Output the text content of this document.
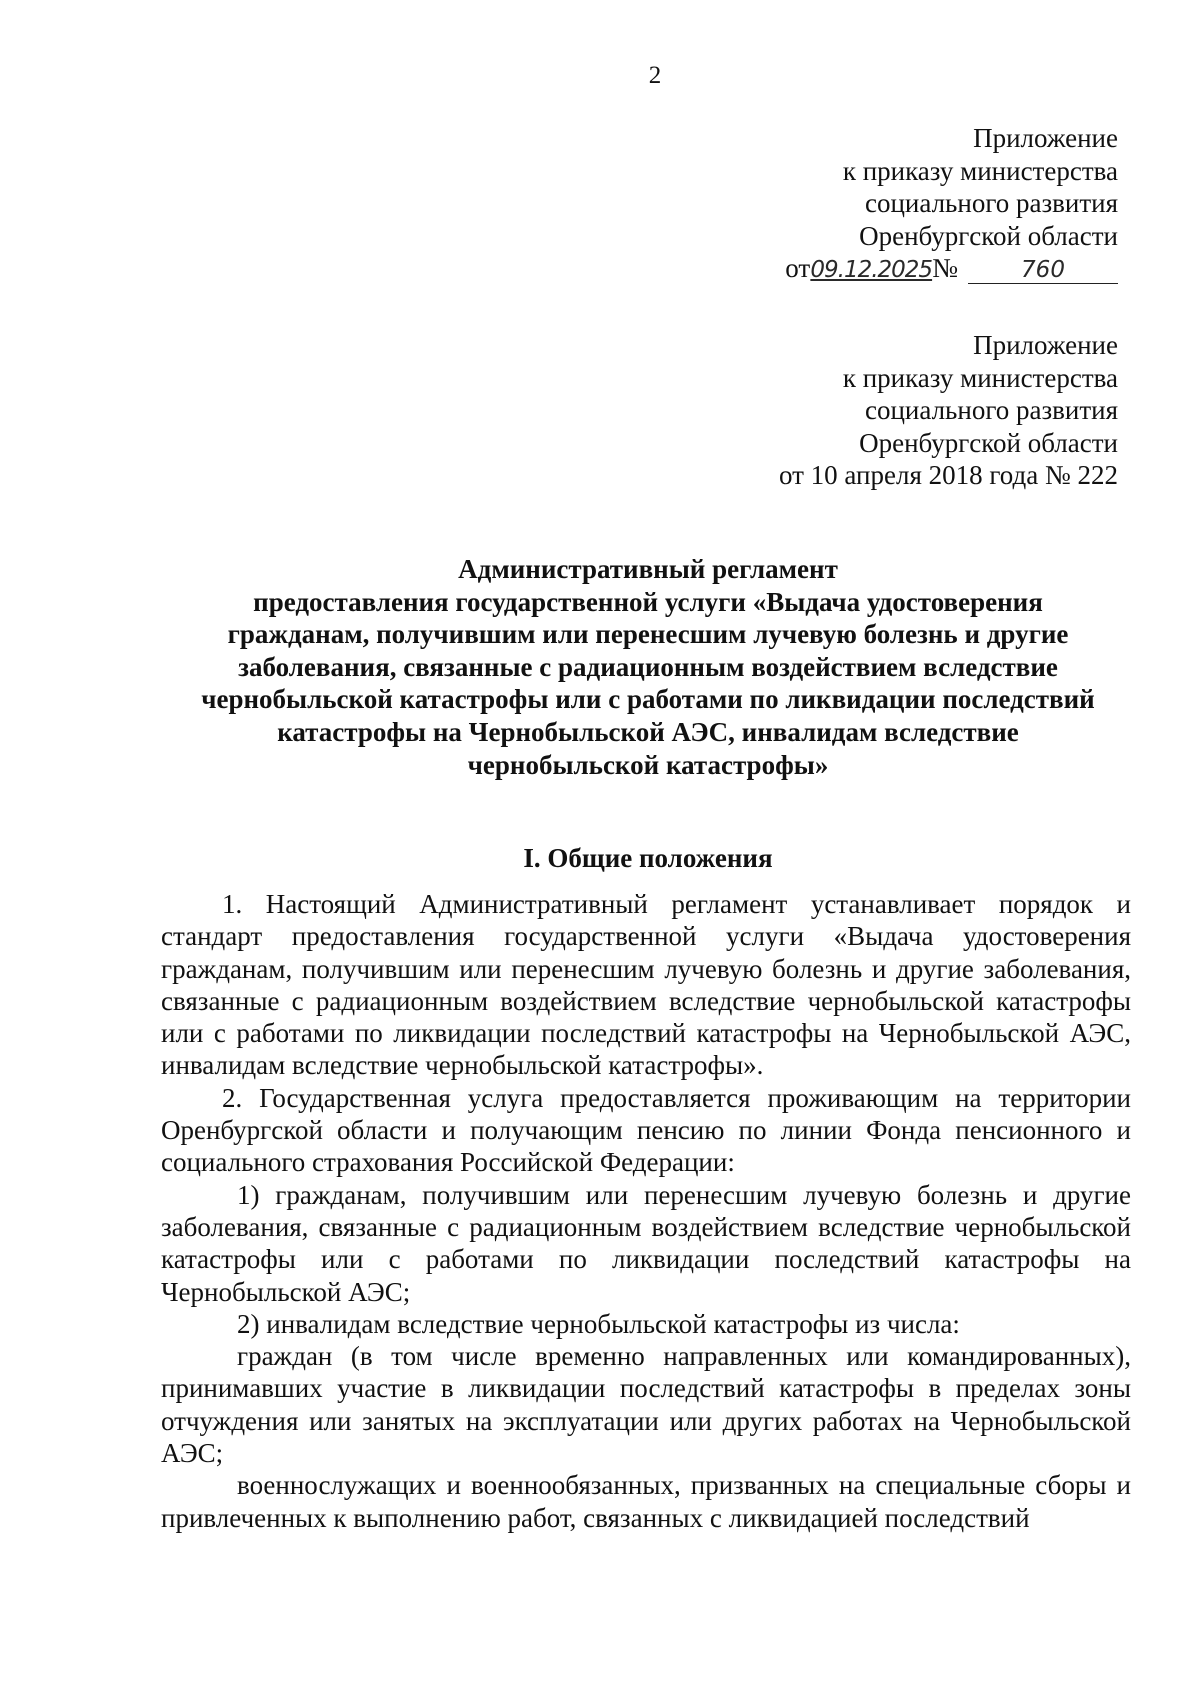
2
Приложение
к приказу министерства
социального развития
Оренбургской области
от 09.12.2025 №	760
Приложение
к приказу министерства
социального развития
Оренбургской области
от 10 апреля 2018 года № 222
Административный регламент
предоставления государственной услуги «Выдача удостоверения
гражданам, получившим или перенесшим лучевую болезнь и другие
заболевания, связанные с радиационным воздействием вследствие
чернобыльской катастрофы или с работами по ликвидации последствий
катастрофы на Чернобыльской АЭС, инвалидам вследствие
чернобыльской катастрофы»
I. Общие положения

1. Настоящий Административный регламент устанавливает порядок и стандарт предоставления государственной услуги «Выдача удостоверения гражданам, получившим или перенесшим лучевую болезнь и другие заболевания, связанные с радиационным воздействием вследствие чернобыльской катастрофы или с работами по ликвидации последствий катастрофы на Чернобыльской АЭС, инвалидам вследствие чернобыльской катастрофы».

2. Государственная услуга предоставляется проживающим на территории Оренбургской области и получающим пенсию по линии Фонда пенсионного и социального страхования Российской Федерации:

1) гражданам, получившим или перенесшим лучевую болезнь и другие заболевания, связанные с радиационным воздействием вследствие чернобыльской катастрофы или с работами по ликвидации последствий катастрофы на Чернобыльской АЭС;

2) инвалидам вследствие чернобыльской катастрофы из числа:

граждан (в том числе временно направленных или командированных), принимавших участие в ликвидации последствий катастрофы в пределах зоны отчуждения или занятых на эксплуатации или других работах на Чернобыльской АЭС;

военнослужащих и военнообязанных, призванных на специальные сборы и привлеченных к выполнению работ, связанных с ликвидацией последствий
